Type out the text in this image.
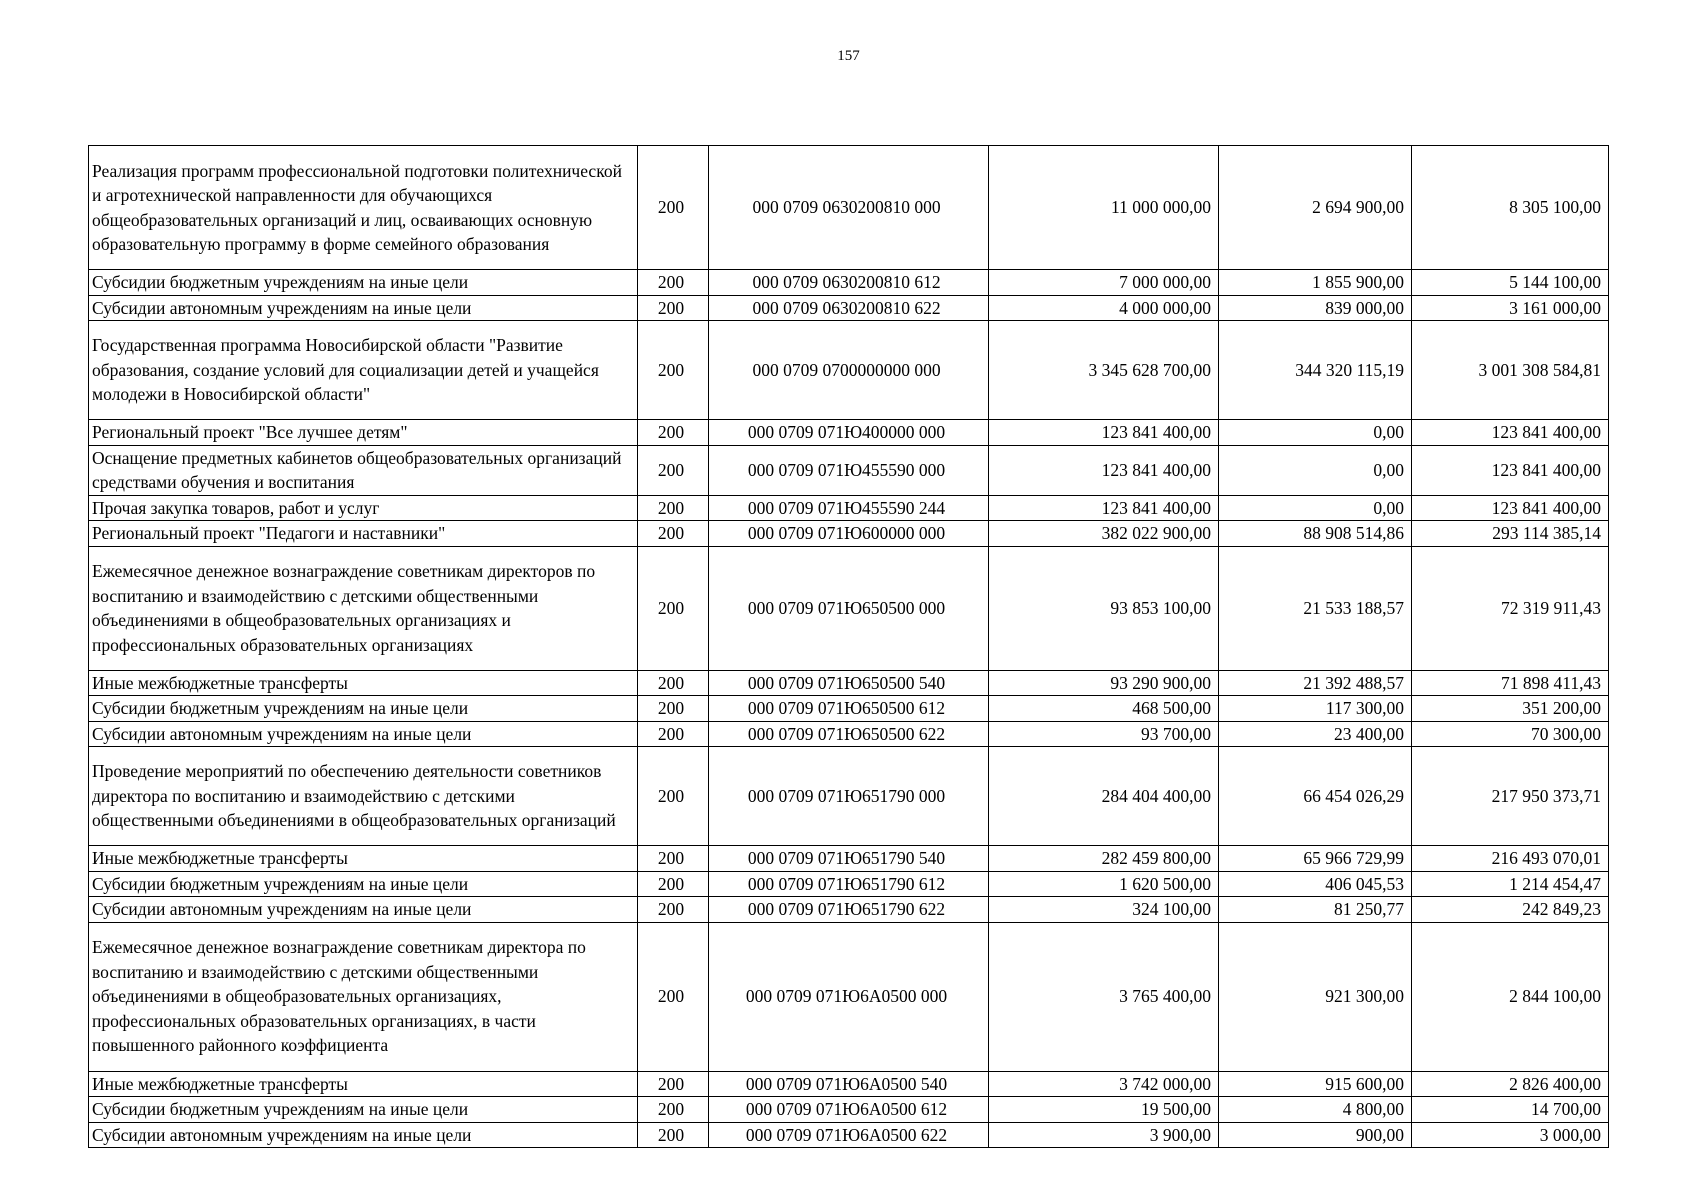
157
Реализация программ профессиональной подготовки политехнической и агротехнической направленности для обучающихся общеобразовательных организаций и лиц, осваивающих основную образовательную программу в форме семейного образования	200	000 0709 0630200810 000	11 000 000,00	2 694 900,00	8 305 100,00
Субсидии бюджетным учреждениям на иные цели	200	000 0709 0630200810 612	7 000 000,00	1 855 900,00	5 144 100,00
Субсидии автономным учреждениям на иные цели	200	000 0709 0630200810 622	4 000 000,00	839 000,00	3 161 000,00
Государственная программа Новосибирской области "Развитие образования, создание условий для социализации детей и учащейся молодежи в Новосибирской области"	200	000 0709 0700000000 000	3 345 628 700,00	344 320 115,19	3 001 308 584,81
Региональный проект "Все лучшее детям"	200	000 0709 071Ю400000 000	123 841 400,00	0,00	123 841 400,00
Оснащение предметных кабинетов общеобразовательных организаций средствами обучения и воспитания	200	000 0709 071Ю455590 000	123 841 400,00	0,00	123 841 400,00
Прочая закупка товаров, работ и услуг	200	000 0709 071Ю455590 244	123 841 400,00	0,00	123 841 400,00
Региональный проект "Педагоги и наставники"	200	000 0709 071Ю600000 000	382 022 900,00	88 908 514,86	293 114 385,14
Ежемесячное денежное вознаграждение советникам директоров по воспитанию и взаимодействию с детскими общественными объединениями в общеобразовательных организациях и профессиональных образовательных организациях	200	000 0709 071Ю650500 000	93 853 100,00	21 533 188,57	72 319 911,43
Иные межбюджетные трансферты	200	000 0709 071Ю650500 540	93 290 900,00	21 392 488,57	71 898 411,43
Субсидии бюджетным учреждениям на иные цели	200	000 0709 071Ю650500 612	468 500,00	117 300,00	351 200,00
Субсидии автономным учреждениям на иные цели	200	000 0709 071Ю650500 622	93 700,00	23 400,00	70 300,00
Проведение мероприятий по обеспечению деятельности советников директора по воспитанию и взаимодействию с детскими общественными объединениями в общеобразовательных организаций	200	000 0709 071Ю651790 000	284 404 400,00	66 454 026,29	217 950 373,71
Иные межбюджетные трансферты	200	000 0709 071Ю651790 540	282 459 800,00	65 966 729,99	216 493 070,01
Субсидии бюджетным учреждениям на иные цели	200	000 0709 071Ю651790 612	1 620 500,00	406 045,53	1 214 454,47
Субсидии автономным учреждениям на иные цели	200	000 0709 071Ю651790 622	324 100,00	81 250,77	242 849,23
Ежемесячное денежное вознаграждение советникам директора по воспитанию и взаимодействию с детскими общественными объединениями в общеобразовательных организациях, профессиональных образовательных организациях, в части повышенного районного коэффициента	200	000 0709 071Ю6А0500 000	3 765 400,00	921 300,00	2 844 100,00
Иные межбюджетные трансферты	200	000 0709 071Ю6А0500 540	3 742 000,00	915 600,00	2 826 400,00
Субсидии бюджетным учреждениям на иные цели	200	000 0709 071Ю6А0500 612	19 500,00	4 800,00	14 700,00
Субсидии автономным учреждениям на иные цели	200	000 0709 071Ю6А0500 622	3 900,00	900,00	3 000,00
